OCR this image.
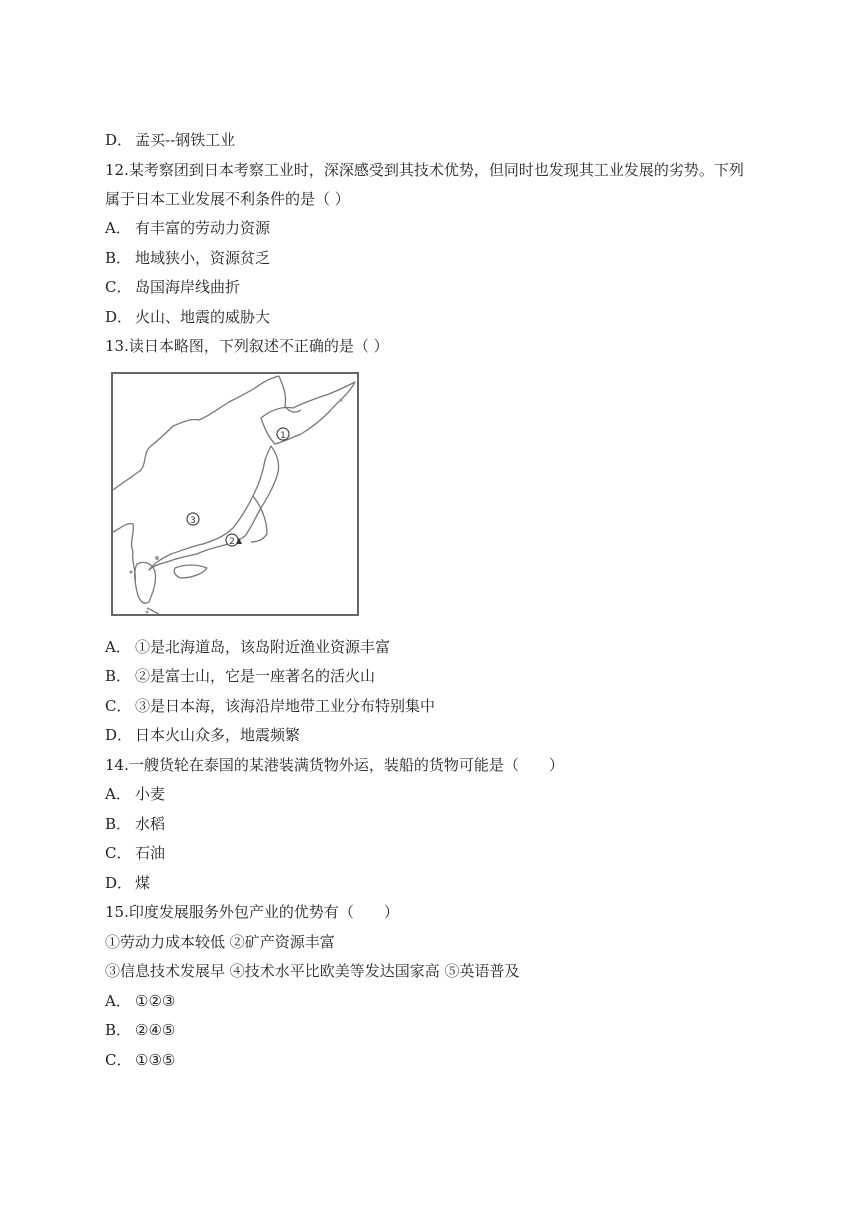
D． 孟买--钢铁工业
12.某考察团到日本考察工业时，深深感受到其技术优势，但同时也发现其工业发展的劣势。下列
属于日本工业发展不利条件的是（ ）
A． 有丰富的劳动力资源
B． 地域狭小，资源贫乏
C． 岛国海岸线曲折
D． 火山、地震的威胁大
13.读日本略图，下列叙述不正确的是（ ）
1
3
2
A． ①是北海道岛，该岛附近渔业资源丰富
B． ②是富士山，它是一座著名的活火山
C． ③是日本海，该海沿岸地带工业分布特别集中
D． 日本火山众多，地震频繁
14.一艘货轮在泰国的某港装满货物外运，装船的货物可能是（　　）
A． 小麦
B． 水稻
C． 石油
D． 煤
15.印度发展服务外包产业的优势有（　　）
①劳动力成本较低 ②矿产资源丰富
③信息技术发展早 ④技术水平比欧美等发达国家高 ⑤英语普及
A． ①②③
B． ②④⑤
C． ①③⑤
